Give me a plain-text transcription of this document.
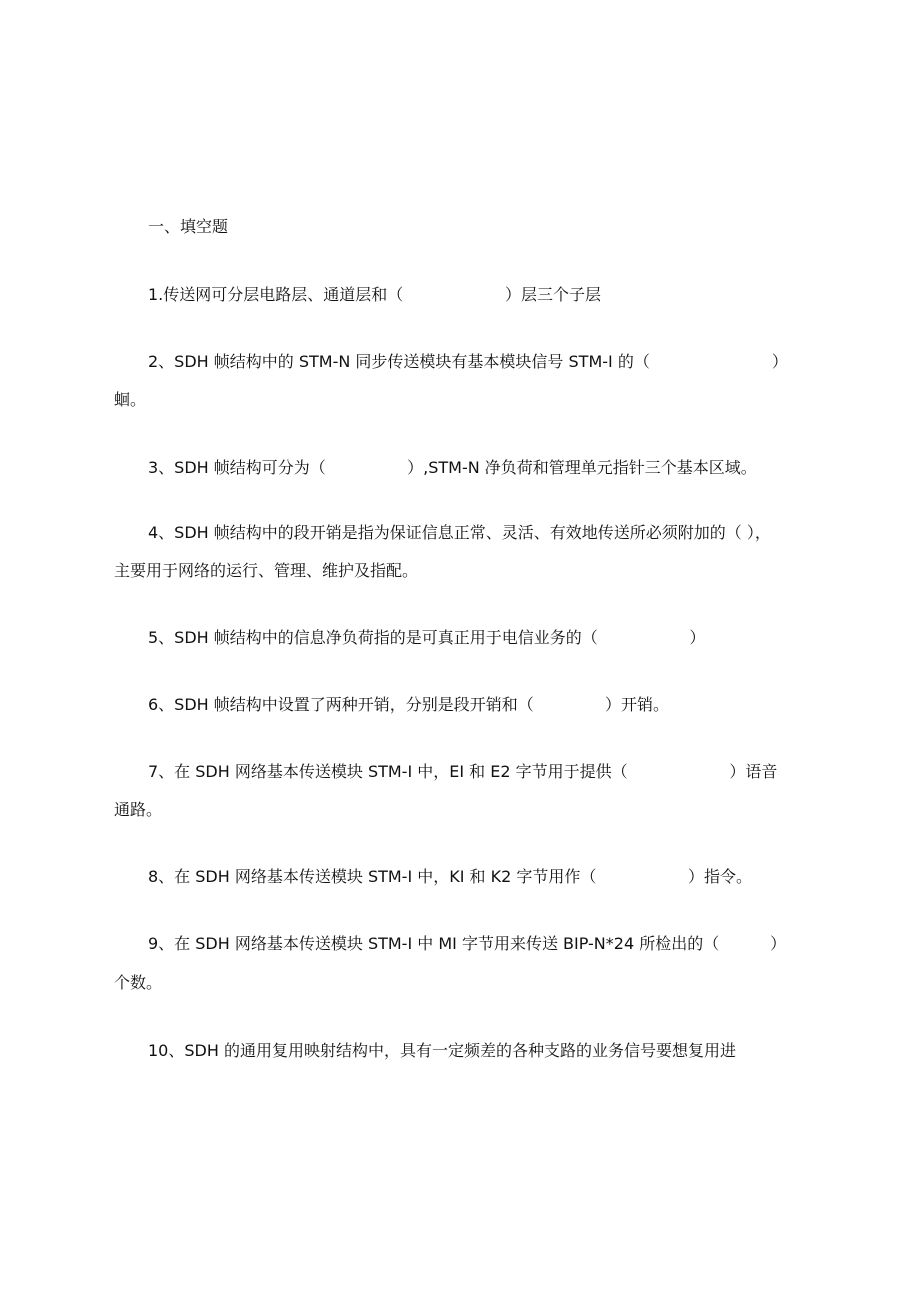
一、填空题
1.传送网可分层电路层、通道层和（                    ）层三个子层
2、SDH 帧结构中的 STM-N 同步传送模块有基本模块信号 STM-I 的（                        ）
蛔。
3、SDH 帧结构可分为（                ）,STM-N 净负荷和管理单元指针三个基本区域。
4、SDH 帧结构中的段开销是指为保证信息正常、灵活、有效地传送所必须附加的（ ），
主要用于网络的运行、管理、维护及指配。
5、SDH 帧结构中的信息净负荷指的是可真正用于电信业务的（                  ）
6、SDH 帧结构中设置了两种开销，分别是段开销和（              ）开销。
7、在 SDH 网络基本传送模块 STM-I 中，EI 和 E2 字节用于提供（                    ）语音
通路。
8、在 SDH 网络基本传送模块 STM-I 中，KI 和 K2 字节用作（                  ）指令。
9、在 SDH 网络基本传送模块 STM-I 中 MI 字节用来传送 BIP-N*24 所检出的（          ）
个数。
10、SDH 的通用复用映射结构中，具有一定频差的各种支路的业务信号要想复用进
